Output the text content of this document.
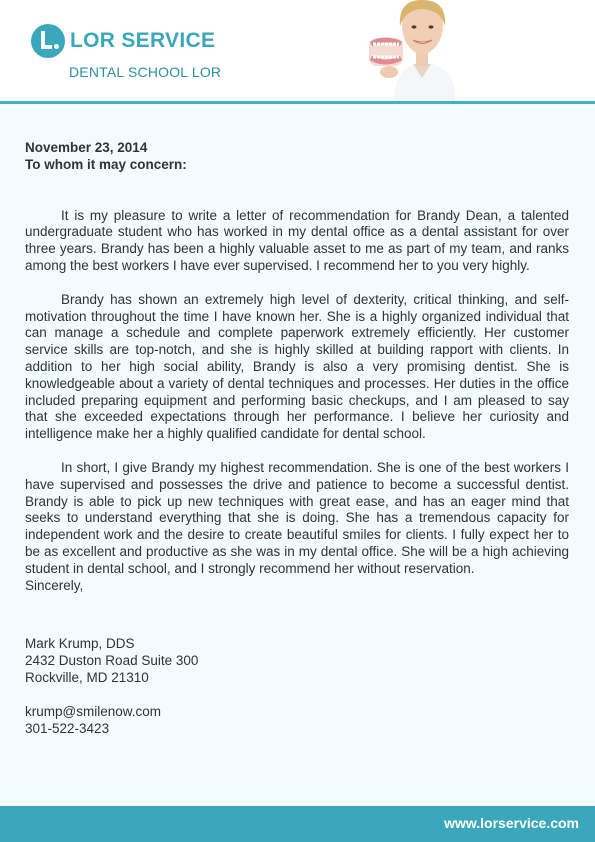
LOR SERVICE
DENTAL SCHOOL LOR
November 23, 2014
To whom it may concern:

It is my pleasure to write a letter of recommendation for Brandy Dean, a talented undergraduate student who has worked in my dental office as a dental assistant for over three years. Brandy has been a highly valuable asset to me as part of my team, and ranks among the best workers I have ever supervised. I recommend her to you very highly.

Brandy has shown an extremely high level of dexterity, critical thinking, and self-motivation throughout the time I have known her. She is a highly organized individual that can manage a schedule and complete paperwork extremely efficiently. Her customer service skills are top-notch, and she is highly skilled at building rapport with clients. In addition to her high social ability, Brandy is also a very promising dentist. She is knowledgeable about a variety of dental techniques and processes. Her duties in the office included preparing equipment and performing basic checkups, and I am pleased to say that she exceeded expectations through her performance. I believe her curiosity and intelligence make her a highly qualified candidate for dental school.

In short, I give Brandy my highest recommendation. She is one of the best workers I have supervised and possesses the drive and patience to become a successful dentist. Brandy is able to pick up new techniques with great ease, and has an eager mind that seeks to understand everything that she is doing. She has a tremendous capacity for independent work and the desire to create beautiful smiles for clients. I fully expect her to be as excellent and productive as she was in my dental office. She will be a high achieving student in dental school, and I strongly recommend her without reservation.

Sincerely,
Mark Krump, DDS
2432 Duston Road Suite 300
Rockville, MD 21310
krump@smilenow.com
301-522-3423
www.lorservice.com
